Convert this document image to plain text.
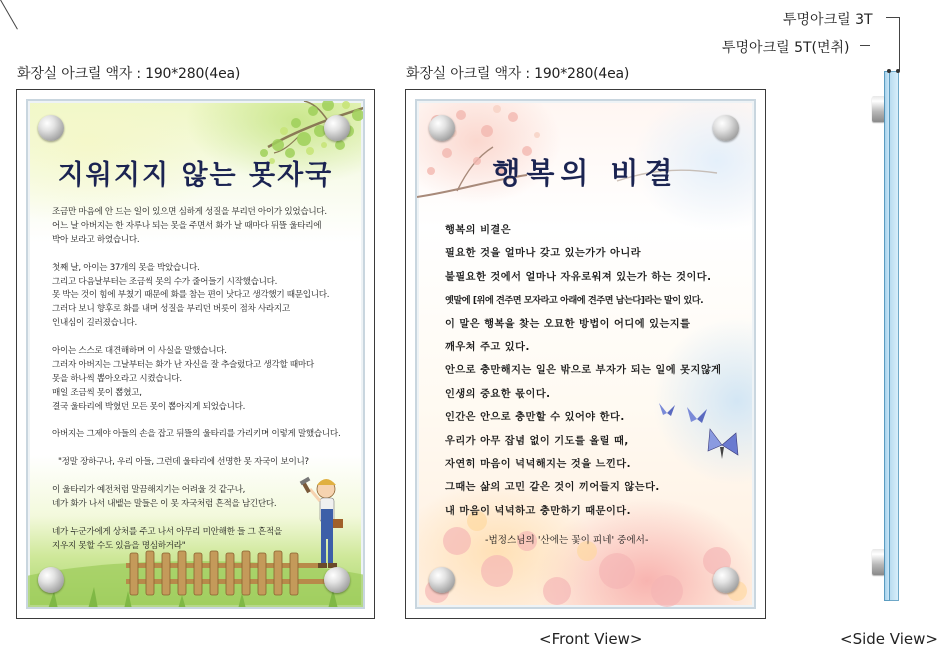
화장실 아크릴 액자 : 190*280(4ea)	화장실 아크릴 액자 : 190*280(4ea)
지워지지 않는 못자국
조금만 마음에 안 드는 일이 있으면 심하게 성질을 부리던 아이가 있었습니다.
어느 날 아버지는 한 자루나 되는 못을 주면서 화가 날 때마다 뒤뜰 울타리에
박아 보라고 하였습니다.
첫째 날, 아이는 37개의 못을 박았습니다.
그리고 다음날부터는 조금씩 못의 수가 줄어들기 시작했습니다.
못 박는 것이 힘에 부쳤기 때문에 화를 참는 편이 낫다고 생각했기 때문입니다.
그러다 보니 향후로 화를 내며 성질을 부리던 버릇이 점차 사라지고
인내심이 길러졌습니다.
아이는 스스로 대견해하며 이 사실을 말했습니다.
그러자 아버지는 그날부터는 화가 난 자신을 잘 추슬렀다고 생각할 때마다
못을 하나씩 뽑아오라고 시켰습니다.
매일 조금씩 못이 뽑혔고,
결국 울타리에 박혔던 모든 못이 뽑아지게 되었습니다.
아버지는 그제야 아들의 손을 잡고 뒤뜰의 울타리를 가리키며 이렇게 말했습니다.
"정말 장하구나, 우리 아들, 그런데 울타리에 선명한 못 자국이 보이니?
이 울타리가 예전처럼 말끔해지기는 어려울 것 같구나,
네가 화가 나서 내뱉는 말들은 이 못 자국처럼 흔적을 남긴단다.
네가 누군가에게 상처를 주고 나서 아무리 미안해한 들 그 흔적을
지우지 못할 수도 있음을 명심하거라"
행복의 비결
행복의 비결은
필요한 것을 얼마나 갖고 있는가가 아니라
불필요한 것에서 얼마나 자유로워져 있는가 하는 것이다.
옛말에 [위에 견주면 모자라고 아래에 견주면 남는다]라는 말이 있다.
이 말은 행복을 찾는 오묘한 방법이 어디에 있는지를
깨우쳐 주고 있다.
안으로 충만해지는 일은 밖으로 부자가 되는 일에 못지않게
인생의 중요한 몫이다.
인간은 안으로 충만할 수 있어야 한다.
우리가 아무 잡념 없이 기도를 올릴 때,
자연히 마음이 넉넉해지는 것을 느낀다.
그때는 삶의 고민 같은 것이 끼어들지 않는다.
내 마음이 넉넉하고 충만하기 때문이다.
-법정스님의 '산에는 꽃이 피네' 중에서-
투명아크릴 3T
투명아크릴 5T(면취)
<Front View>	<Side View>
